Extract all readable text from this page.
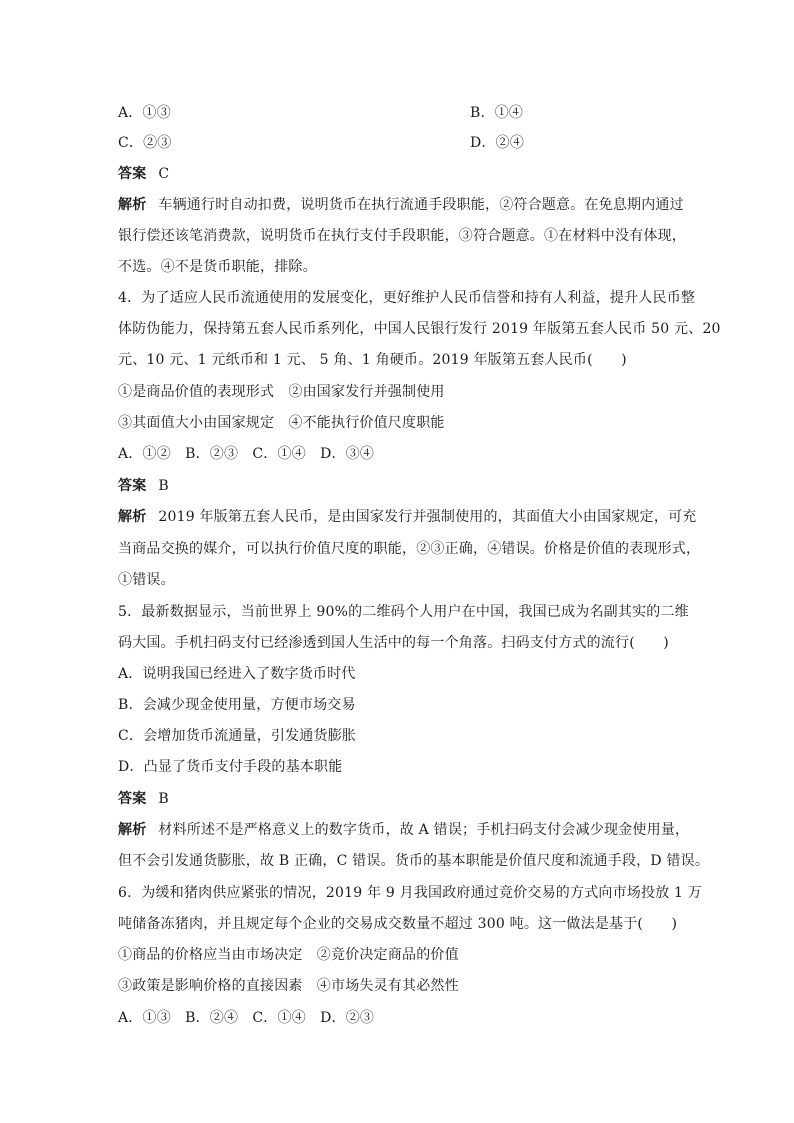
A．①③	B．①④
C．②③	D．②④
答案 C
解析 车辆通行时自动扣费，说明货币在执行流通手段职能，②符合题意。在免息期内通过
银行偿还该笔消费款，说明货币在执行支付手段职能，③符合题意。①在材料中没有体现，
不选。④不是货币职能，排除。
4．为了适应人民币流通使用的发展变化，更好维护人民币信誉和持有人利益，提升人民币整
体防伪能力，保持第五套人民币系列化，中国人民银行发行 2019 年版第五套人民币 50 元、20
元、10 元、1 元纸币和 1 元、 5 角、1 角硬币。2019 年版第五套人民币(　　)
①是商品价值的表现形式　②由国家发行并强制使用
③其面值大小由国家规定　④不能执行价值尺度职能
A．①②　B．②③　C．①④　D．③④
答案 B
解析 2019 年版第五套人民币，是由国家发行并强制使用的，其面值大小由国家规定，可充
当商品交换的媒介，可以执行价值尺度的职能，②③正确，④错误。价格是价值的表现形式，
①错误。
5．最新数据显示，当前世界上 90%的二维码个人用户在中国，我国已成为名副其实的二维
码大国。手机扫码支付已经渗透到国人生活中的每一个角落。扫码支付方式的流行(　　)
A．说明我国已经进入了数字货币时代
B．会减少现金使用量，方便市场交易
C．会增加货币流通量，引发通货膨胀
D．凸显了货币支付手段的基本职能
答案 B
解析 材料所述不是严格意义上的数字货币，故 A 错误；手机扫码支付会减少现金使用量，
但不会引发通货膨胀，故 B 正确，C 错误。货币的基本职能是价值尺度和流通手段，D 错误。
6．为缓和猪肉供应紧张的情况，2019 年 9 月我国政府通过竞价交易的方式向市场投放 1 万
吨储备冻猪肉，并且规定每个企业的交易成交数量不超过 300 吨。这一做法是基于(　　)
①商品的价格应当由市场决定　②竞价决定商品的价值
③政策是影响价格的直接因素　④市场失灵有其必然性
A．①③　B．②④　C．①④　D．②③
